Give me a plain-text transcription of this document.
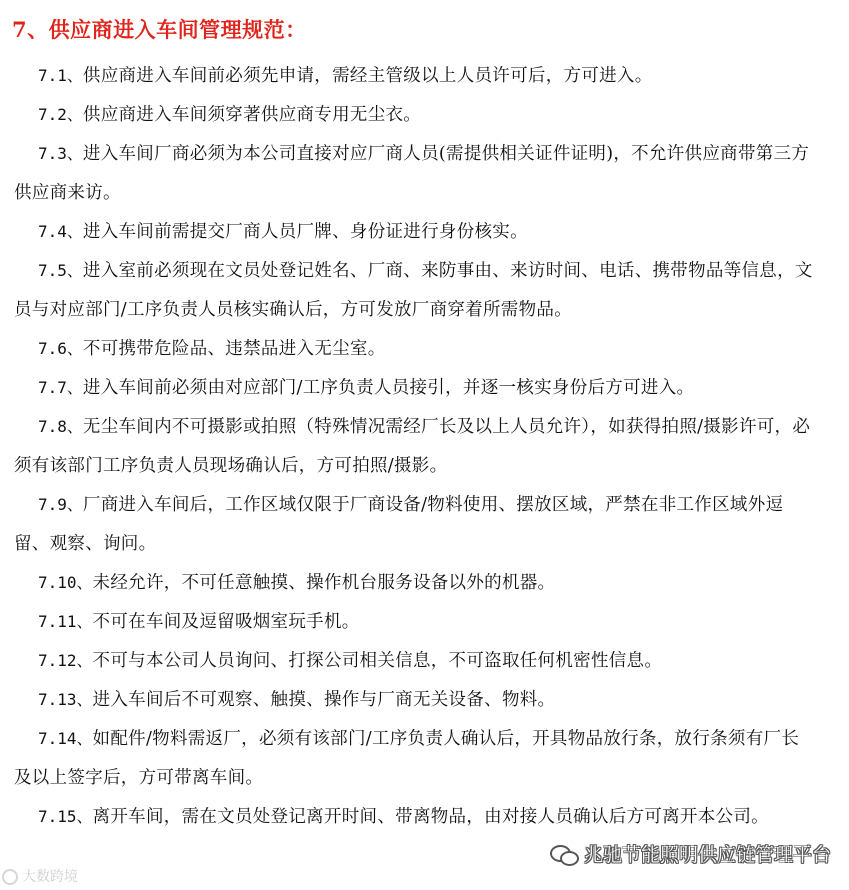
7、供应商进入车间管理规范：
7.1、供应商进入车间前必须先申请，需经主管级以上人员许可后，方可进入。
7.2、供应商进入车间须穿著供应商专用无尘衣。
7.3、进入车间厂商必须为本公司直接对应厂商人员(需提供相关证件证明)，不允许供应商带第三方供应商来访。
7.4、进入车间前需提交厂商人员厂牌、身份证进行身份核实。
7.5、进入室前必须现在文员处登记姓名、厂商、来防事由、来访时间、电话、携带物品等信息，文员与对应部门/工序负责人员核实确认后，方可发放厂商穿着所需物品。
7.6、不可携带危险品、违禁品进入无尘室。
7.7、进入车间前必须由对应部门/工序负责人员接引，并逐一核实身份后方可进入。
7.8、无尘车间内不可摄影或拍照（特殊情况需经厂长及以上人员允许），如获得拍照/摄影许可，必须有该部门工序负责人员现场确认后，方可拍照/摄影。
7.9、厂商进入车间后，工作区域仅限于厂商设备/物料使用、摆放区域，严禁在非工作区域外逗留、观察、询问。
7.10、未经允许，不可任意触摸、操作机台服务设备以外的机器。
7.11、不可在车间及逗留吸烟室玩手机。
7.12、不可与本公司人员询问、打探公司相关信息，不可盗取任何机密性信息。
7.13、进入车间后不可观察、触摸、操作与厂商无关设备、物料。
7.14、如配件/物料需返厂，必须有该部门/工序负责人确认后，开具物品放行条，放行条须有厂长及以上签字后，方可带离车间。
7.15、离开车间，需在文员处登记离开时间、带离物品，由对接人员确认后方可离开本公司。
兆驰节能照明供应链管理平台
大数跨境
